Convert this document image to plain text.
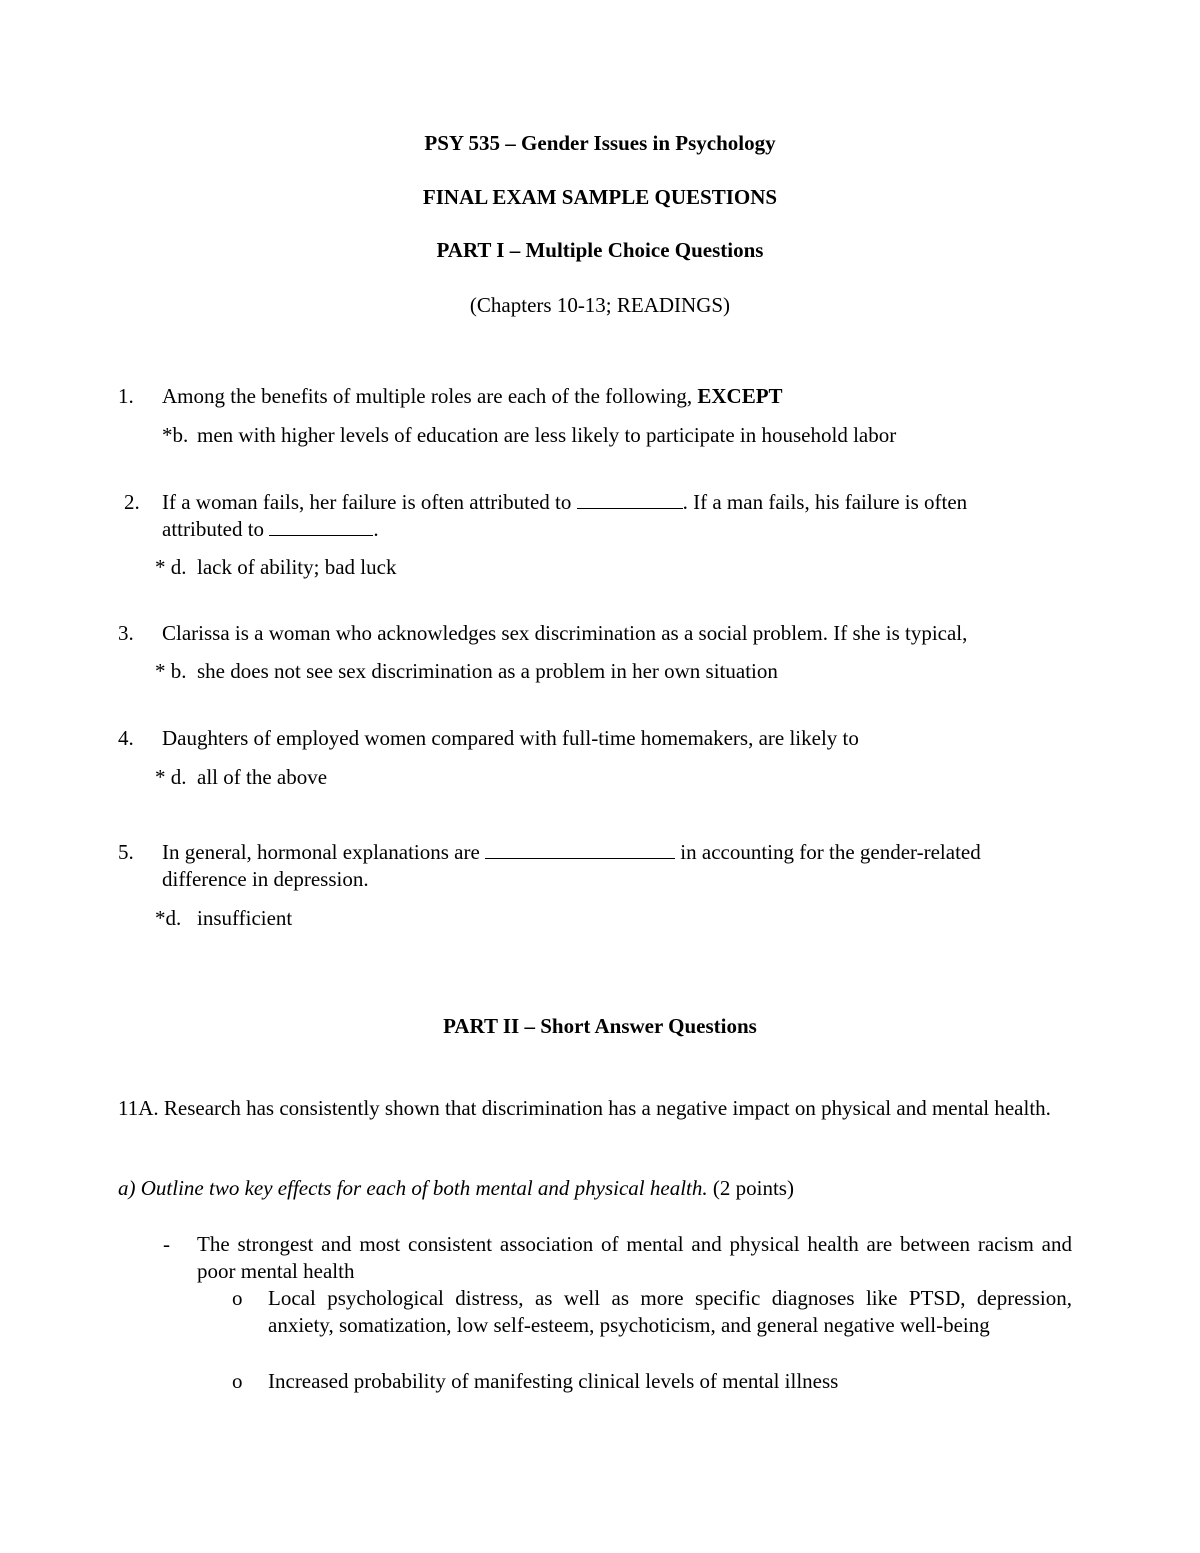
PSY 535 – Gender Issues in Psychology
FINAL EXAM SAMPLE QUESTIONS
PART I – Multiple Choice Questions
(Chapters 10-13; READINGS)
1. Among the benefits of multiple roles are each of the following, EXCEPT
*b. men with higher levels of education are less likely to participate in household labor
2. If a woman fails, her failure is often attributed to	. If a man fails, his failure is often
attributed to	.
* d. lack of ability; bad luck
3. Clarissa is a woman who acknowledges sex discrimination as a social problem. If she is typical,
* b. she does not see sex discrimination as a problem in her own situation
4. Daughters of employed women compared with full-time homemakers, are likely to
* d. all of the above
5. In general, hormonal explanations are	in accounting for the gender-related
difference in depression.
*d. insufficient
PART II – Short Answer Questions
11A. Research has consistently shown that discrimination has a negative impact on physical and mental health.
a) Outline two key effects for each of both mental and physical health. (2 points)
- The strongest and most consistent association of mental and physical health are between racism and poor mental health
o Local psychological distress, as well as more specific diagnoses like PTSD, depression, anxiety, somatization, low self-esteem, psychoticism, and general negative well-being
o Increased probability of manifesting clinical levels of mental illness
